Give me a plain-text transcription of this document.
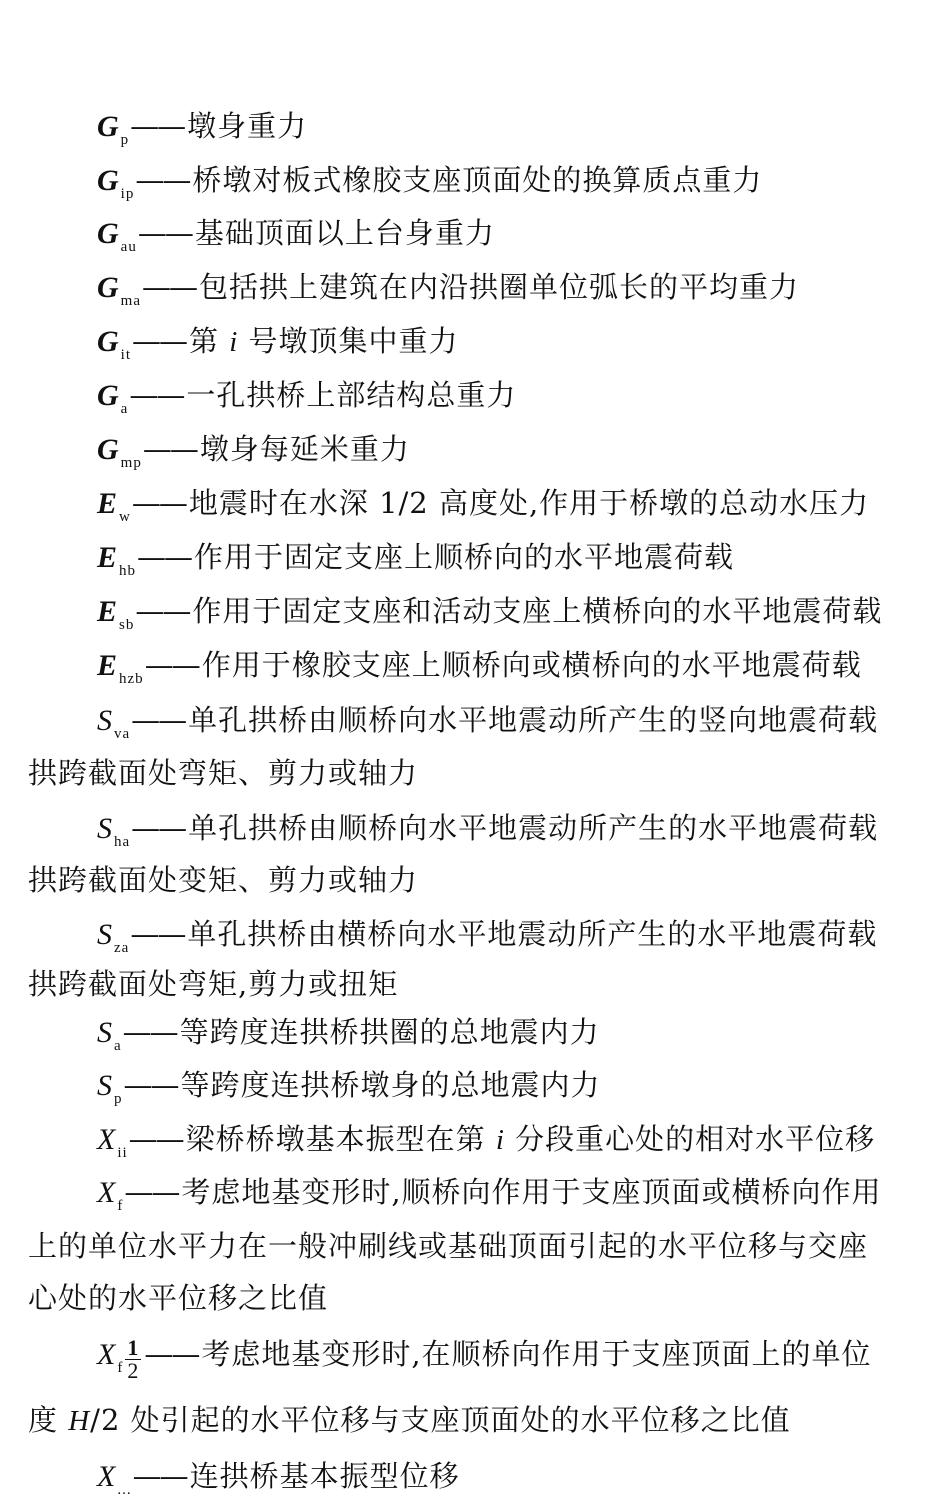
$G_p——$ 墩身重力
$G_{ip}——$ 桥墩对板式橡胶支座顶面处的换算质点重力
$G_{au}——$ 基础顶面以上台身重力
$G_{ma}——$ 包括拱上建筑在内沿拱圈单位弧长的平均重力
$G_{it}——$ 第 i 号墩顶集中重力
$G_a——$ 一孔拱桥上部结构总重力
$G_{mp}——$ 墩身每延米重力
$E_w——$ 地震时在水深 1/2 高度处,作用于桥墩的总动水压力
$E_{hb}——$ 作用于固定支座上顺桥向的水平地震荷载
$E_{sb}——$ 作用于固定支座和活动支座上横桥向的水平地震荷载
$E_{hzb}——$ 作用于橡胶支座上顺桥向或横桥向的水平地震荷载
$S_{va}——$ 单孔拱桥由顺桥向水平地震动所产生的竖向地震荷载
拱跨截面处弯矩、剪力或轴力
$S_{ha}——$ 单孔拱桥由顺桥向水平地震动所产生的水平地震荷载
拱跨截面处变矩、剪力或轴力
$S_{za}——$ 单孔拱桥由横桥向水平地震动所产生的水平地震荷载
拱跨截面处弯矩,剪力或扭矩
$S_a——$ 等跨度连拱桥拱圈的总地震内力
$S_p——$ 等跨度连拱桥墩身的总地震内力
$X_{ii}——$ 梁桥桥墩基本振型在第 i 分段重心处的相对水平位移
$X_f——$ 考虑地基变形时,顺桥向作用于支座顶面或横桥向作用
上的单位水平力在一般冲刷线或基础顶面引起的水平位移与交座
心处的水平位移之比值
$X_f \frac{1}{2}$ —— 考虑地基变形时,在顺桥向作用于支座顶面上的单位
度 H/2 处引起的水平位移与支座顶面处的水平位移之比值
$X_{...}——$ 连拱桥基本振型位移
